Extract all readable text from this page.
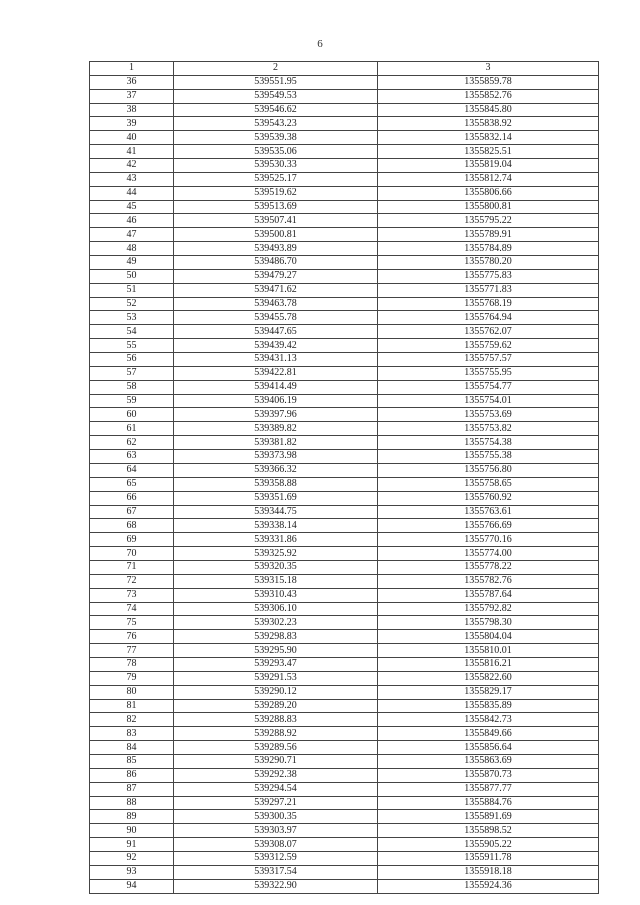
6
1	2	3
36	539551.95	1355859.78
37	539549.53	1355852.76
38	539546.62	1355845.80
39	539543.23	1355838.92
40	539539.38	1355832.14
41	539535.06	1355825.51
42	539530.33	1355819.04
43	539525.17	1355812.74
44	539519.62	1355806.66
45	539513.69	1355800.81
46	539507.41	1355795.22
47	539500.81	1355789.91
48	539493.89	1355784.89
49	539486.70	1355780.20
50	539479.27	1355775.83
51	539471.62	1355771.83
52	539463.78	1355768.19
53	539455.78	1355764.94
54	539447.65	1355762.07
55	539439.42	1355759.62
56	539431.13	1355757.57
57	539422.81	1355755.95
58	539414.49	1355754.77
59	539406.19	1355754.01
60	539397.96	1355753.69
61	539389.82	1355753.82
62	539381.82	1355754.38
63	539373.98	1355755.38
64	539366.32	1355756.80
65	539358.88	1355758.65
66	539351.69	1355760.92
67	539344.75	1355763.61
68	539338.14	1355766.69
69	539331.86	1355770.16
70	539325.92	1355774.00
71	539320.35	1355778.22
72	539315.18	1355782.76
73	539310.43	1355787.64
74	539306.10	1355792.82
75	539302.23	1355798.30
76	539298.83	1355804.04
77	539295.90	1355810.01
78	539293.47	1355816.21
79	539291.53	1355822.60
80	539290.12	1355829.17
81	539289.20	1355835.89
82	539288.83	1355842.73
83	539288.92	1355849.66
84	539289.56	1355856.64
85	539290.71	1355863.69
86	539292.38	1355870.73
87	539294.54	1355877.77
88	539297.21	1355884.76
89	539300.35	1355891.69
90	539303.97	1355898.52
91	539308.07	1355905.22
92	539312.59	1355911.78
93	539317.54	1355918.18
94	539322.90	1355924.36
